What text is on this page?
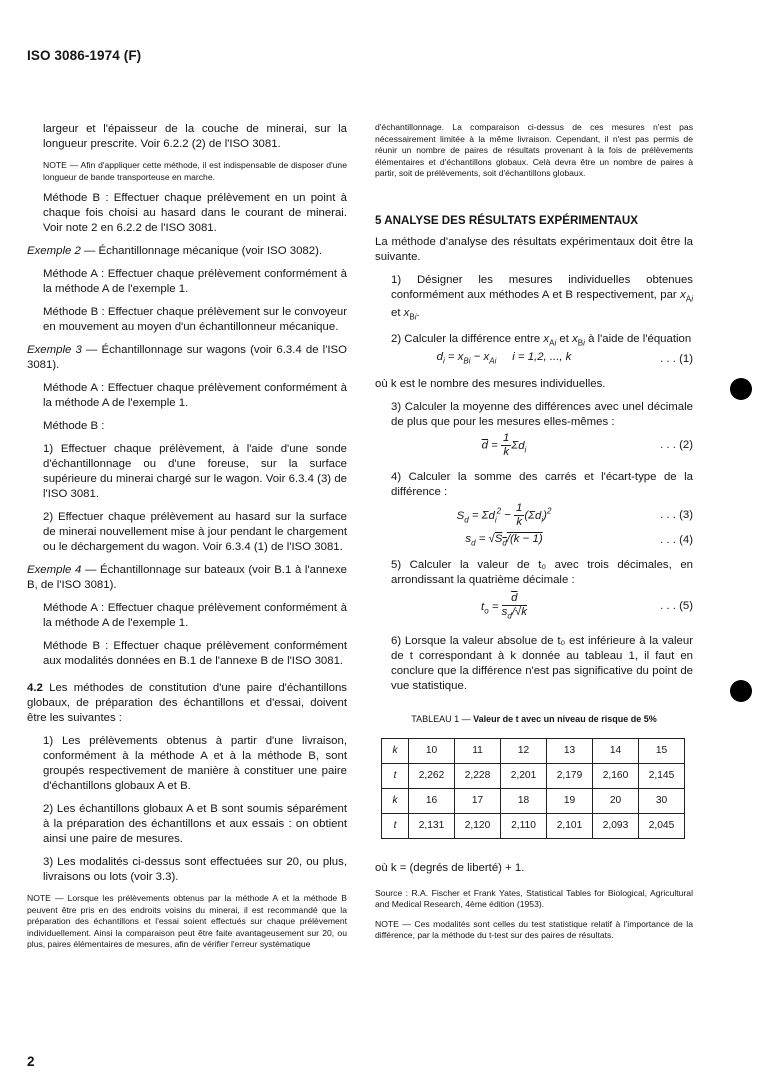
ISO 3086-1974 (F)

largeur et l'épaisseur de la couche de minerai, sur la longueur prescrite. Voir 6.2.2 (2) de l'ISO 3081.

NOTE — Afin d'appliquer cette méthode, il est indispensable de disposer d'une longueur de bande transporteuse en marche.

Méthode B : Effectuer chaque prélèvement en un point à chaque fois choisi au hasard dans le courant de minerai. Voir note 2 en 6.2.2 de l'ISO 3081.

Exemple 2 — Échantillonnage mécanique (voir ISO 3082).

Méthode A : Effectuer chaque prélèvement conformément à la méthode A de l'exemple 1.

Méthode B : Effectuer chaque prélèvement sur le convoyeur en mouvement au moyen d'un échantillonneur mécanique.

Exemple 3 — Échantillonnage sur wagons (voir 6.3.4 de l'ISO 3081).

Méthode A : Effectuer chaque prélèvement conformément à la méthode A de l'exemple 1.

Méthode B :

1) Effectuer chaque prélèvement, à l'aide d'une sonde d'échantillonnage ou d'une foreuse, sur la surface supérieure du minerai chargé sur le wagon. Voir 6.3.4 (3) de l'ISO 3081.

2) Effectuer chaque prélèvement au hasard sur la surface de minerai nouvellement mise à jour pendant le chargement ou le déchargement du wagon. Voir 6.3.4 (1) de l'ISO 3081.

Exemple 4 — Échantillonnage sur bateaux (voir B.1 à l'annexe B, de l'ISO 3081).

Méthode A : Effectuer chaque prélèvement conformément à la méthode A de l'exemple 1.

Méthode B : Effectuer chaque prélèvement conformément aux modalités données en B.1 de l'annexe B de l'ISO 3081.

4.2 Les méthodes de constitution d'une paire d'échantillons globaux, de préparation des échantillons et d'essai, doivent être les suivantes :

1) Les prélèvements obtenus à partir d'une livraison, conformément à la méthode A et à la méthode B, sont groupés respectivement de manière à constituer une paire d'échantillons globaux A et B.

2) Les échantillons globaux A et B sont soumis séparément à la préparation des échantillons et aux essais : on obtient ainsi une paire de mesures.

3) Les modalités ci-dessus sont effectuées sur 20, ou plus, livraisons ou lots (voir 3.3).

NOTE — Lorsque les prélèvements obtenus par la méthode A et la méthode B peuvent être pris en des endroits voisins du minerai, il est recommandé que la préparation des échantillons et l'essai soient effectués sur chaque prélèvement individuellement. Ainsi la comparaison peut être faite avantageusement sur 20, ou plus, paires élémentaires de mesures, afin de vérifier l'erreur systématique

d'échantillonnage. La comparaison ci-dessus de ces mesures n'est pas nécessairement limitée à la même livraison. Cependant, il n'est pas permis de réunir un nombre de paires de résultats provenant à la fois de prélèvements élémentaires et d'échantillons globaux. Celà devra être un nombre de paires à partir, soit de prélèvements, soit d'échantillons globaux.

5 ANALYSE DES RÉSULTATS EXPÉRIMENTAUX

La méthode d'analyse des résultats expérimentaux doit être la suivante.

1) Désigner les mesures individuelles obtenues conformément aux méthodes A et B respectivement, par $x_{Ai}$ et $x_{Bi}$.

2) Calculer la différence entre $x_{Ai}$ et $x_{Bi}$ à l'aide de l'équation

$d_i = x_{Bi} - x_{Ai}$ i = 1,2, ..., k	. . . (1)

où k est le nombre des mesures individuelles.

3) Calculer la moyenne des différences avec unel décimale de plus que pour les mesures elles-mêmes :

$\overline{d} = \frac{1}{k} \Sigma d_i$	. . . (2)

4) Calculer la somme des carrés et l'écart-type de la différence :

$S_d = \Sigma d_i^2 - \frac{1}{k} (\Sigma d_i)^2$	. . . (3)
$s_d = √S_d/(k - 1)$	. . . (4)

5) Calculer la valeur de t₀ avec trois décimales, en arrondissant la quatrième décimale :

$t_o = \frac{\overline{d}}{s_d/√k}$	. . . (5)

6) Lorsque la valeur absolue de t₀ est inférieure à la valeur de t correspondant à k donnée au tableau 1, il faut en conclure que la différence n'est pas significative du point de vue statistique.

TABLEAU 1 — Valeur de t avec un niveau de risque de 5%

k	10	11	12	13	14	15
t	2,262	2,228	2,201	2,179	2,160	2,145
k	16	17	18	19	20	30
t	2,131	2,120	2,110	2,101	2,093	2,045

où k = (degrés de liberté) + 1.

Source : R.A. Fischer et Frank Yates, Statistical Tables for Biological, Agricultural and Medical Research, 4ème édition (1953).

NOTE — Ces modalités sont celles du test statistique relatif à l'importance de la différence, par la méthode du t-test sur des paires de résultats.

2
